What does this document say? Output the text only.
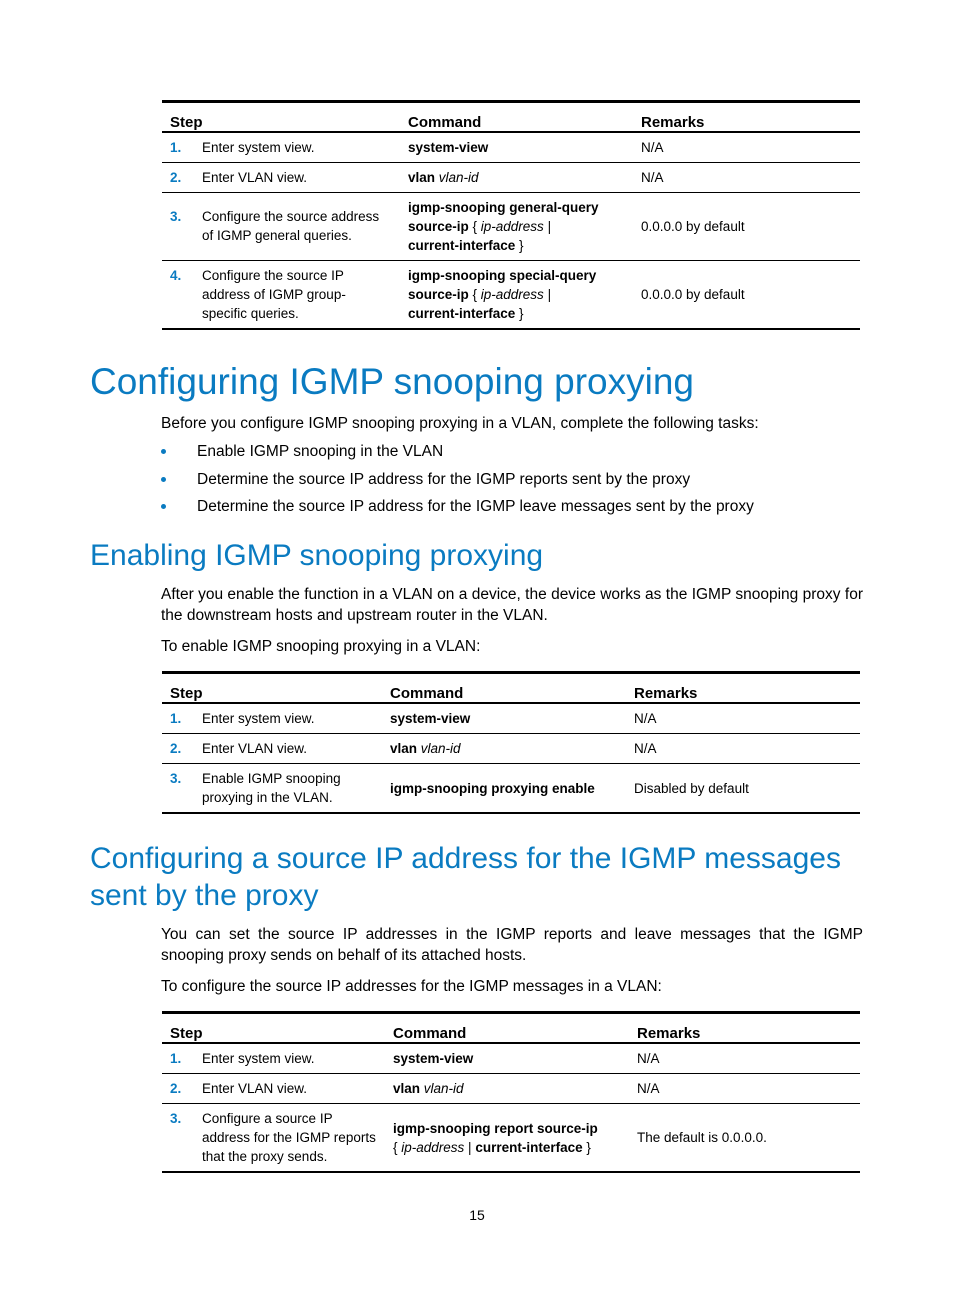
Step	Command	Remarks

1. Enter system view.	system-view	N/A

2. Enter VLAN view.	vlan vlan-id	N/A

3. Configure the source address of IGMP general queries.	igmp-snooping general-query
source-ip { ip-address |
current-interface }	0.0.0.0 by default

4. Configure the source IP address of IGMP group-specific queries.	igmp-snooping special-query
source-ip { ip-address |
current-interface }	0.0.0.0 by default
Configuring IGMP snooping proxying

Before you configure IGMP snooping proxying in a VLAN, complete the following tasks:

Enable IGMP snooping in the VLAN
Determine the source IP address for the IGMP reports sent by the proxy
Determine the source IP address for the IGMP leave messages sent by the proxy
Enabling IGMP snooping proxying

After you enable the function in a VLAN on a device, the device works as the IGMP snooping proxy for the downstream hosts and upstream router in the VLAN.

To enable IGMP snooping proxying in a VLAN:

Step	Command	Remarks

1. Enter system view.	system-view	N/A

2. Enter VLAN view.	vlan vlan-id	N/A

3. Enable IGMP snooping proxying in the VLAN.	igmp-snooping proxying enable	Disabled by default
Configuring a source IP address for the IGMP messages sent by the proxy

You can set the source IP addresses in the IGMP reports and leave messages that the IGMP snooping proxy sends on behalf of its attached hosts.

To configure the source IP addresses for the IGMP messages in a VLAN:

Step	Command	Remarks

1. Enter system view.	system-view	N/A

2. Enter VLAN view.	vlan vlan-id	N/A

3. Configure a source IP address for the IGMP reports that the proxy sends.	igmp-snooping report source-ip
{ ip-address | current-interface }	The default is 0.0.0.0.
15
